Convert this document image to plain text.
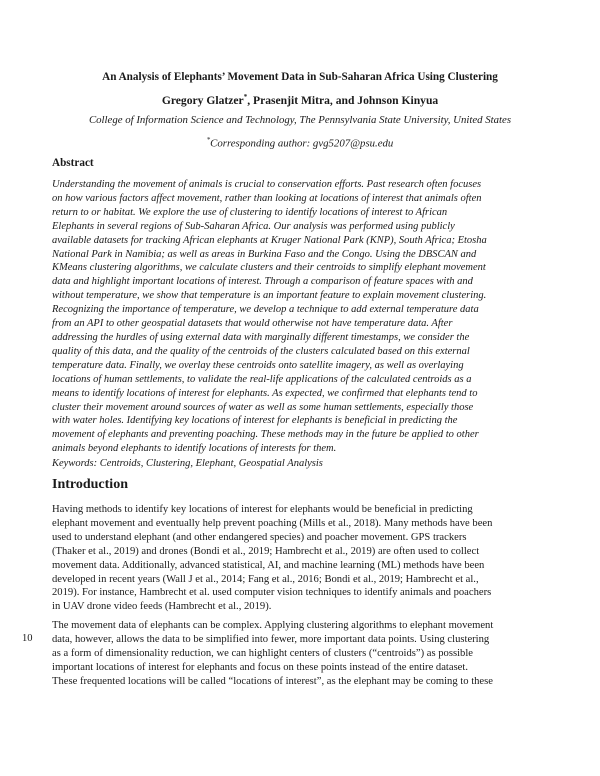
An Analysis of Elephants’ Movement Data in Sub-Saharan Africa Using Clustering
Gregory Glatzer*, Prasenjit Mitra, and Johnson Kinyua
College of Information Science and Technology, The Pennsylvania State University, United States
*Corresponding author: gvg5207@psu.edu
Abstract
Understanding the movement of animals is crucial to conservation efforts. Past research often focuses
on how various factors affect movement, rather than looking at locations of interest that animals often
return to or habitat. We explore the use of clustering to identify locations of interest to African
Elephants in several regions of Sub-Saharan Africa. Our analysis was performed using publicly
available datasets for tracking African elephants at Kruger National Park (KNP), South Africa; Etosha
National Park in Namibia; as well as areas in Burkina Faso and the Congo. Using the DBSCAN and
KMeans clustering algorithms, we calculate clusters and their centroids to simplify elephant movement
data and highlight important locations of interest. Through a comparison of feature spaces with and
without temperature, we show that temperature is an important feature to explain movement clustering.
Recognizing the importance of temperature, we develop a technique to add external temperature data
from an API to other geospatial datasets that would otherwise not have temperature data. After
addressing the hurdles of using external data with marginally different timestamps, we consider the
quality of this data, and the quality of the centroids of the clusters calculated based on this external
temperature data. Finally, we overlay these centroids onto satellite imagery, as well as overlaying
locations of human settlements, to validate the real-life applications of the calculated centroids as a
means to identify locations of interest for elephants. As expected, we confirmed that elephants tend to
cluster their movement around sources of water as well as some human settlements, especially those
with water holes. Identifying key locations of interest for elephants is beneficial in predicting the
movement of elephants and preventing poaching. These methods may in the future be applied to other
animals beyond elephants to identify locations of interests for them.
Keywords: Centroids, Clustering, Elephant, Geospatial Analysis
Introduction
Having methods to identify key locations of interest for elephants would be beneficial in predicting
elephant movement and eventually help prevent poaching (Mills et al., 2018). Many methods have been
used to understand elephant (and other endangered species) and poacher movement. GPS trackers
(Thaker et al., 2019) and drones (Bondi et al., 2019; Hambrecht et al., 2019) are often used to collect
movement data. Additionally, advanced statistical, AI, and machine learning (ML) methods have been
developed in recent years (Wall J et al., 2014; Fang et al., 2016; Bondi et al., 2019; Hambrecht et al.,
2019). For instance, Hambrecht et al. used computer vision techniques to identify animals and poachers
in UAV drone video feeds (Hambrecht et al., 2019).
The movement data of elephants can be complex. Applying clustering algorithms to elephant movement
data, however, allows the data to be simplified into fewer, more important data points. Using clustering
as a form of dimensionality reduction, we can highlight centers of clusters (“centroids”) as possible
important locations of interest for elephants and focus on these points instead of the entire dataset.
These frequented locations will be called “locations of interest”, as the elephant may be coming to these
10
